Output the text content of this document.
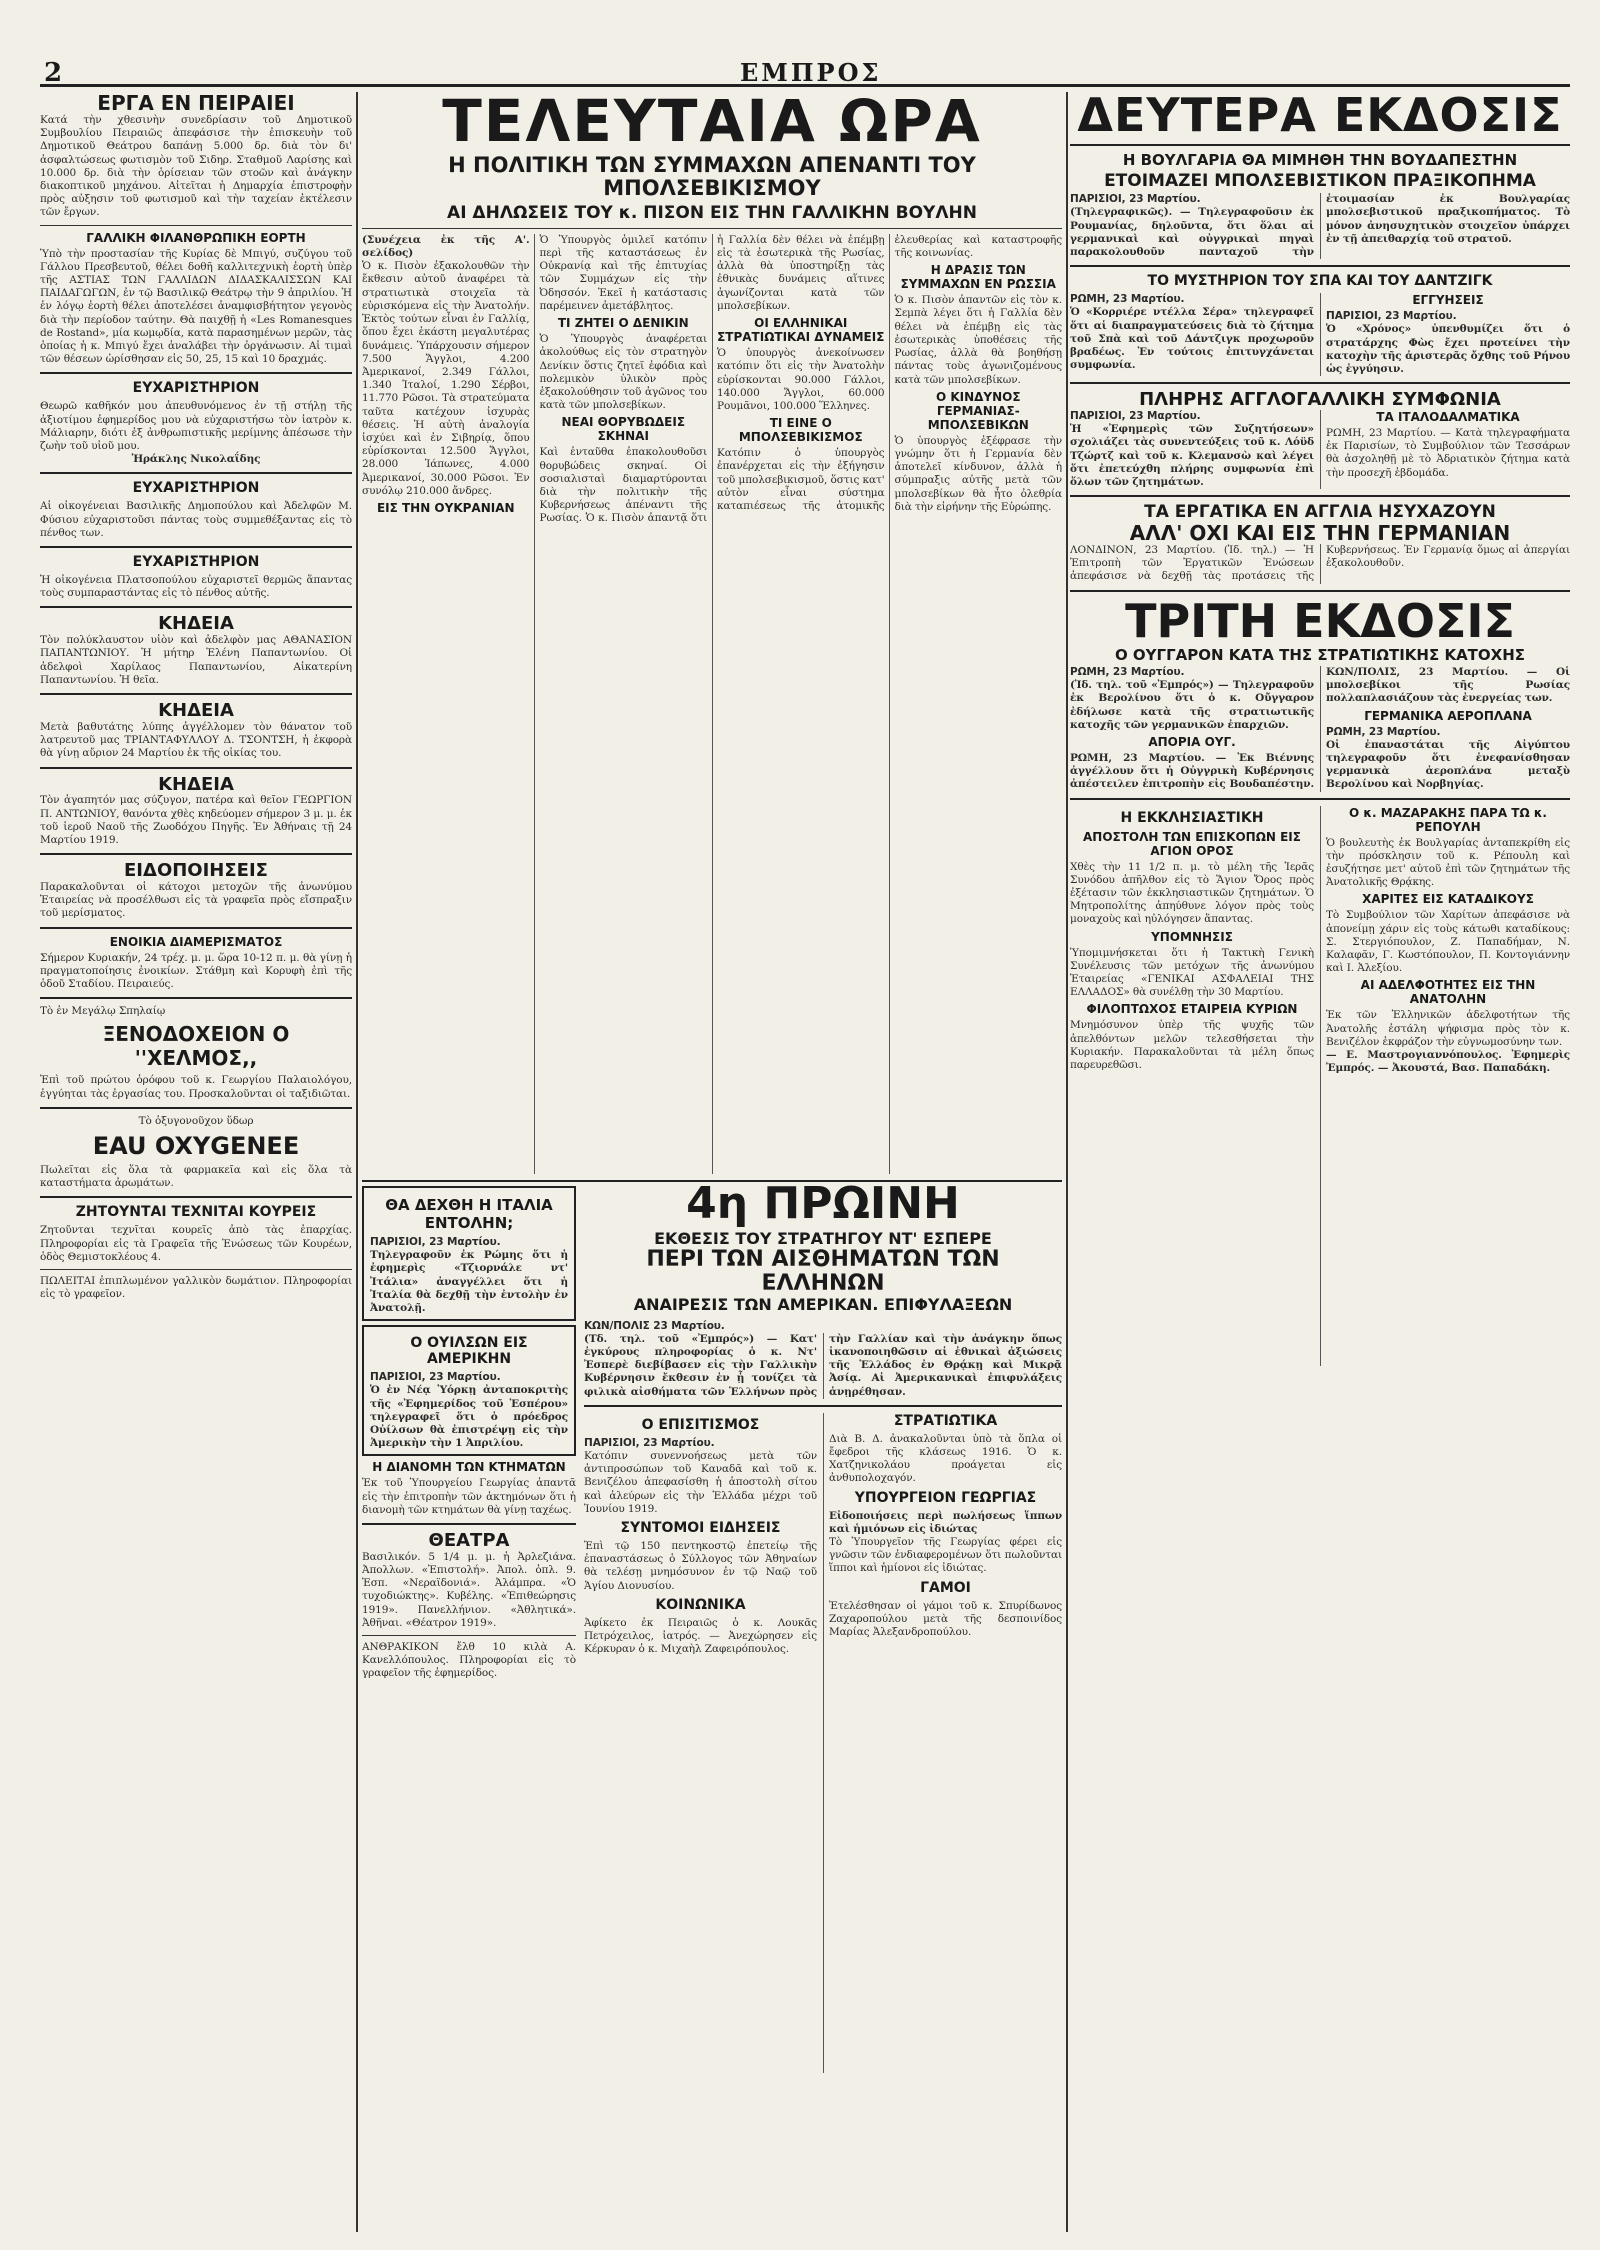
2	ΕΜΠΡΟΣ
ΕΡΓΑ ΕΝ ΠΕΙΡΑΙΕΙ
Κατά τὴν χθεσινὴν συνεδρίασιν τοῦ Δημοτικοῦ Συμβουλίου Πειραιῶς ἀπεφάσισε τὴν ἐπισκευὴν τοῦ Δημοτικοῦ Θεάτρου δαπάνῃ 5.000 δρ. διὰ τὸν δι' ἀσφαλτώσεως φωτισμὸν τοῦ Σιδηρ. Σταθμοῦ Λαρίσης καὶ 10.000 δρ. διὰ τὴν ὁρίσειαν τῶν στοῶν καὶ ἀνάγκην διακοπτικοῦ μηχάνου. Αἰτεῖται ἡ Δημαρχία ἐπιστροφὴν πρὸς αὐξησιν τοῦ φωτισμοῦ καὶ τὴν ταχείαν ἐκτέλεσιν τῶν ἔργων.
ΓΑΛΛΙΚΗ ΦΙΛΑΝΘΡΩΠΙΚΗ ΕΟΡΤΗ
Ὑπὸ τὴν προστασίαν τῆς Κυρίας δὲ Μπιγύ, συζύγου τοῦ Γάλλου Πρεσβευτοῦ, θέλει δοθῆ καλλιτεχνικὴ ἑορτὴ ὑπὲρ τῆς ΑΣΤΙΑΣ ΤΩΝ ΓΑΛΛΙΔΩΝ ΔΙΔΑΣΚΑΛΙΣΣΩΝ ΚΑΙ ΠΑΙΔΑΓΩΓΩΝ, ἐν τῷ Βασιλικῷ Θεάτρῳ τὴν 9 ἀπριλίου. Ἡ ἐν λόγῳ ἑορτὴ θέλει ἀποτελέσει ἀναμφισβήτητον γεγονὸς διὰ τὴν περίοδον ταύτην. Θὰ παιχθῇ ἡ «Les Romanesques de Rostand», μία κωμῳδία, κατὰ παρασημένων μερῶν, τὰς ὁποίας ἡ κ. Μπιγύ ἔχει ἀναλάβει τὴν ὀργάνωσιν. Αἱ τιμαὶ τῶν θέσεων ὡρίσθησαν εἰς 50, 25, 15 καὶ 10 δραχμάς.
ΕΥΧΑΡΙΣΤΗΡΙΟΝ
Θεωρῶ καθῆκόν μου ἀπευθυνόμενος ἐν τῇ στήλῃ τῆς ἀξιοτίμου ἐφημερίδος μου νὰ εὐχαριστήσω τὸν ἰατρὸν κ. Μάλιαρην, διότι ἐξ ἀνθρωπιστικῆς μερίμνης ἀπέσωσε τὴν ζωὴν τοῦ υἱοῦ μου.
Ἠράκλης Νικολαΐδης
ΕΥΧΑΡΙΣΤΗΡΙΟΝ
Αἱ οἰκογένειαι Βασιλικῆς Δημοπούλου καὶ Ἀδελφῶν Μ. Φύσιου εὐχαριστοῦσι πάντας τοὺς συμμεθέξαντας εἰς τὸ πένθος των.
ΕΥΧΑΡΙΣΤΗΡΙΟΝ
Ἡ οἰκογένεια Πλατσοπούλου εὐχαριστεῖ θερμῶς ἅπαντας τοὺς συμπαραστάντας εἰς τὸ πένθος αὐτῆς.
ΚΗΔΕΙΑ
Τὸν πολύκλαυστον υἱὸν καὶ ἀδελφὸν μας ΑΘΑΝΑΣΙΟΝ ΠΑΠΑΝΤΩΝΙΟΥ. Ἡ μήτηρ Ἑλένη Παπαντωνίου. Οἱ ἀδελφοὶ Χαρίλαος Παπαντωνίου, Αἰκατερίνη Παπαντωνίου. Ἡ θεῖα.
ΚΗΔΕΙΑ
Μετὰ βαθυτάτης λύπης ἀγγέλλομεν τὸν θάνατον τοῦ λατρευτοῦ μας ΤΡΙΑΝΤΑΦΥΛΛΟΥ Δ. ΤΣΟΝΤΣΗ, ἡ ἐκφορὰ θὰ γίνῃ αὔριον 24 Μαρτίου ἐκ τῆς οἰκίας του.
ΚΗΔΕΙΑ
Τὸν ἀγαπητόν μας σύζυγον, πατέρα καὶ θεῖον ΓΕΩΡΓΙΟΝ Π. ΑΝΤΩΝΙΟΥ, θανόντα χθὲς κηδεύομεν σήμερον 3 μ. μ. ἐκ τοῦ ἱεροῦ Ναοῦ τῆς Ζωοδόχου Πηγῆς. Ἐν Ἀθήναις τῇ 24 Μαρτίου 1919.
ΕΙΔΟΠΟΙΗΣΕΙΣ
Παρακαλοῦνται οἱ κάτοχοι μετοχῶν τῆς ἀνωνύμου Ἑταιρείας νὰ προσέλθωσι εἰς τὰ γραφεῖα πρὸς εἴσπραξιν τοῦ μερίσματος.
ΕΝΟΙΚΙΑ ΔΙΑΜΕΡΙΣΜΑΤΟΣ
Σήμερον Κυριακήν, 24 τρέχ. μ. μ. ὥρα 10-12 π. μ. θὰ γίνῃ ἡ πραγματοποίησις ἐνοικίων. Στάθμη καὶ Κορυφὴ ἐπὶ τῆς ὁδοῦ Σταδίου. Πειραιεύς.
Τὸ ἐν Μεγάλῳ Σπηλαίῳ
ΞΕΝΟΔΟΧΕΙΟΝ Ο ''ΧΕΛΜΟΣ,,
Ἐπὶ τοῦ πρώτου ὀρόφου τοῦ κ. Γεωργίου Παλαιολόγου, ἐγγύηται τὰς ἐργασίας του. Προσκαλοῦνται οἱ ταξιδιῶται.
Τὸ ὀξυγονοῦχον ὕδωρ
EAU OXYGENEE
Πωλεῖται εἰς ὅλα τὰ φαρμακεῖα καὶ εἰς ὅλα τὰ καταστήματα ἀρωμάτων.
ΖΗΤΟΥΝΤΑΙ ΤΕΧΝΙΤΑΙ ΚΟΥΡΕΙΣ
Ζητοῦνται τεχνῖται κουρεῖς ἀπὸ τὰς ἐπαρχίας. Πληροφορίαι εἰς τὰ Γραφεῖα τῆς Ἑνώσεως τῶν Κουρέων, ὁδὸς Θεμιστοκλέους 4.
ΠΩΛΕΙΤΑΙ ἐπιπλωμένον γαλλικὸν δωμάτιον. Πληροφορίαι εἰς τὸ γραφεῖον.
ΤΕΛΕΥΤΑΙΑ ΩΡΑ
Η ΠΟΛΙΤΙΚΗ ΤΩΝ ΣΥΜΜΑΧΩΝ ΑΠΕΝΑΝΤΙ ΤΟΥ ΜΠΟΛΣΕΒΙΚΙΣΜΟΥ
ΑΙ ΔΗΛΩΣΕΙΣ ΤΟΥ κ. ΠΙΣΟΝ ΕΙΣ ΤΗΝ ΓΑΛΛΙΚΗΝ ΒΟΥΛΗΝ
(Συνέχεια ἐκ τῆς Α'. σελίδος)
Ὁ κ. Πισὸν ἐξακολουθῶν τὴν ἔκθεσιν αὐτοῦ ἀναφέρει τὰ στρατιωτικὰ στοιχεῖα τὰ εὑρισκόμενα εἰς τὴν Ἀνατολήν. Ἐκτὸς τούτων εἶναι ἐν Γαλλίᾳ, ὅπου ἔχει ἑκάστη μεγαλυτέρας δυνάμεις. Ὑπάρχουσιν σήμερον 7.500 Ἄγγλοι, 4.200 Ἀμερικανοί, 2.349 Γάλλοι, 1.340 Ἰταλοί, 1.290 Σέρβοι, 11.770 Ρῶσοι. Τὰ στρατεύματα ταῦτα κατέχουν ἰσχυρὰς θέσεις. Ἡ αὐτὴ ἀναλογία ἰσχύει καὶ ἐν Σιβηρίᾳ, ὅπου εὑρίσκονται 12.500 Ἄγγλοι, 28.000 Ἰάπωνες, 4.000 Ἀμερικανοί, 30.000 Ρῶσοι. Ἐν συνόλῳ 210.000 ἄνδρες.
ΕΙΣ ΤΗΝ ΟΥΚΡΑΝΙΑΝ
Ὁ Ὑπουργὸς ὁμιλεῖ κατόπιν περὶ τῆς καταστάσεως ἐν Οὐκρανίᾳ καὶ τῆς ἐπιτυχίας τῶν Συμμάχων εἰς τὴν Ὀδησσόν. Ἐκεῖ ἡ κατάστασις παρέμεινεν ἀμετάβλητος.
ΤΙ ΖΗΤΕΙ Ο ΔΕΝΙΚΙΝ
Ὁ Ὑπουργὸς ἀναφέρεται ἀκολούθως εἰς τὸν στρατηγὸν Δενίκιν ὅστις ζητεῖ ἐφόδια καὶ πολεμικὸν ὑλικὸν πρὸς ἐξακολούθησιν τοῦ ἀγῶνος του κατὰ τῶν μπολσεβίκων.
ΝΕΑΙ ΘΟΡΥΒΩΔΕΙΣ ΣΚΗΝΑΙ
Καὶ ἐνταῦθα ἐπακολουθοῦσι θορυβώδεις σκηναί. Οἱ σοσιαλισταὶ διαμαρτύρονται διὰ τὴν πολιτικὴν τῆς Κυβερνήσεως ἀπέναντι τῆς Ρωσίας. Ὁ κ. Πισὸν ἀπαντᾷ ὅτι ἡ Γαλλία δὲν θέλει νὰ ἐπέμβῃ εἰς τὰ ἐσωτερικὰ τῆς Ρωσίας, ἀλλὰ θὰ ὑποστηρίξῃ τὰς ἐθνικὰς δυνάμεις αἵτινες ἀγωνίζονται κατὰ τῶν μπολσεβίκων.
ΟΙ ΕΛΛΗΝΙΚΑΙ ΣΤΡΑΤΙΩΤΙΚΑΙ ΔΥΝΑΜΕΙΣ
Ὁ ὑπουργὸς ἀνεκοίνωσεν κατόπιν ὅτι εἰς τὴν Ἀνατολὴν εὑρίσκονται 90.000 Γάλλοι, 140.000 Ἄγγλοι, 60.000 Ρουμᾶνοι, 100.000 Ἕλληνες.
ΤΙ ΕΙΝΕ Ο ΜΠΟΛΣΕΒΙΚΙΣΜΟΣ
Κατόπιν ὁ ὑπουργὸς ἐπανέρχεται εἰς τὴν ἐξήγησιν τοῦ μπολσεβικισμοῦ, ὅστις κατ' αὐτὸν εἶναι σύστημα καταπιέσεως τῆς ἀτομικῆς ἐλευθερίας καὶ καταστροφῆς τῆς κοινωνίας.
Η ΔΡΑΣΙΣ ΤΩΝ ΣΥΜΜΑΧΩΝ ΕΝ ΡΩΣΣΙΑ
Ὁ κ. Πισὸν ἀπαντῶν εἰς τὸν κ. Σεμπὰ λέγει ὅτι ἡ Γαλλία δὲν θέλει νὰ ἐπέμβῃ εἰς τὰς ἐσωτερικὰς ὑποθέσεις τῆς Ρωσίας, ἀλλὰ θὰ βοηθήσῃ πάντας τοὺς ἀγωνιζομένους κατὰ τῶν μπολσεβίκων.
Ο ΚΙΝΔΥΝΟΣ ΓΕΡΜΑΝΙΑΣ-ΜΠΟΛΣΕΒΙΚΩΝ
Ὁ ὑπουργὸς ἐξέφρασε τὴν γνώμην ὅτι ἡ Γερμανία δὲν ἀποτελεῖ κίνδυνον, ἀλλὰ ἡ σύμπραξις αὐτῆς μετὰ τῶν μπολσεβίκων θὰ ἦτο ὀλεθρία διὰ τὴν εἰρήνην τῆς Εὐρώπης.
ΘΑ ΔΕΧΘΗ Η ΙΤΑΛΙΑ ΕΝΤΟΛΗΝ;
ΠΑΡΙΣΙΟΙ, 23 Μαρτίου.
Τηλεγραφοῦν ἐκ Ρώμης ὅτι ἡ ἐφημερὶς «Τζιορνάλε ντ' Ἰτάλια» ἀναγγέλλει ὅτι ἡ Ἰταλία θὰ δεχθῇ τὴν ἐντολὴν ἐν Ἀνατολῇ.
Ο ΟΥΙΛΣΩΝ ΕΙΣ ΑΜΕΡΙΚΗΝ
ΠΑΡΙΣΙΟΙ, 23 Μαρτίου.
Ὁ ἐν Νέᾳ Ὑόρκῃ ἀνταποκριτὴς τῆς «Ἐφημερίδος τοῦ Ἑσπέρου» τηλεγραφεῖ ὅτι ὁ πρόεδρος Οὐίλσων θὰ ἐπιστρέψῃ εἰς τὴν Ἀμερικὴν τὴν 1 Ἀπριλίου.
Η ΔΙΑΝΟΜΗ ΤΩΝ ΚΤΗΜΑΤΩΝ
Ἐκ τοῦ Ὑπουργείου Γεωργίας ἀπαντᾶ εἰς τὴν ἐπιτροπὴν τῶν ἀκτημόνων ὅτι ἡ διανομὴ τῶν κτημάτων θὰ γίνῃ ταχέως.
ΘΕΑΤΡΑ
Βασιλικόν. 5 1/4 μ. μ. ἡ Ἀρλεζιάνα. Ἀπολλων. «Ἐπιστολή». Ἀπολ. ὁπλ. 9. Ἑσπ. «Νεραϊδονιά». Ἀλάμπρα. «Ὁ τυχοδιώκτης». Κυβέλης. «Ἐπιθεώρησις 1919». Πανελλήνιον. «Ἀθλητικά». Ἀθῆναι. «Θέατρον 1919».
ΑΝΘΡΑΚΙΚΟΝ ἔλθ 10 κιλὰ Α. Κανελλόπουλος. Πληροφορίαι εἰς τὸ γραφεῖον τῆς ἐφημερίδος.
4η ΠΡΩΙΝΗ
ΕΚΘΕΣΙΣ ΤΟΥ ΣΤΡΑΤΗΓΟΥ ΝΤ' ΕΣΠΕΡΕ
ΠΕΡΙ ΤΩΝ ΑΙΣΘΗΜΑΤΩΝ ΤΩΝ ΕΛΛΗΝΩΝ
ΑΝΑΙΡΕΣΙΣ ΤΩΝ ΑΜΕΡΙΚΑΝ. ΕΠΙΦΥΛΑΞΕΩΝ
ΚΩΝ/ΠΟΛΙΣ 23 Μαρτίου.
(Τδ. τηλ. τοῦ «Ἐμπρός») — Κατ' ἐγκύρους πληροφορίας ὁ κ. Ντ' Ἐσπερὲ διεβίβασεν εἰς τὴν Γαλλικὴν Κυβέρνησιν ἔκθεσιν ἐν ᾗ τονίζει τὰ φιλικὰ αἰσθήματα τῶν Ἑλλήνων πρὸς τὴν Γαλλίαν καὶ τὴν ἀνάγκην ὅπως ἱκανοποιηθῶσιν αἱ ἐθνικαὶ ἀξιώσεις τῆς Ἑλλάδος ἐν Θρᾴκῃ καὶ Μικρᾷ Ἀσίᾳ. Αἱ Ἀμερικανικαὶ ἐπιφυλάξεις ἀνῃρέθησαν.
Ο ΕΠΙΣΙΤΙΣΜΟΣ
ΠΑΡΙΣΙΟΙ, 23 Μαρτίου.
Κατόπιν συνεννοήσεως μετὰ τῶν ἀντιπροσώπων τοῦ Καναδᾶ καὶ τοῦ κ. Βενιζέλου ἀπεφασίσθη ἡ ἀποστολὴ σίτου καὶ ἀλεύρων εἰς τὴν Ἑλλάδα μέχρι τοῦ Ἰουνίου 1919.
ΣΥΝΤΟΜΟΙ ΕΙΔΗΣΕΙΣ
Ἐπὶ τῷ 150 πεντηκοστῷ ἐπετείῳ τῆς ἐπαναστάσεως ὁ Σύλλογος τῶν Ἀθηναίων θὰ τελέσῃ μνημόσυνον ἐν τῷ Ναῷ τοῦ Ἁγίου Διονυσίου.
ΚΟΙΝΩΝΙΚΑ
Ἀφίκετο ἐκ Πειραιῶς ὁ κ. Λουκᾶς Πετρόχειλος, ἰατρός. — Ἀνεχώρησεν εἰς Κέρκυραν ὁ κ. Μιχαὴλ Ζαφειρόπουλος.
ΣΤΡΑΤΙΩΤΙΚΑ
Διὰ Β. Δ. ἀνακαλοῦνται ὑπὸ τὰ ὅπλα οἱ ἔφεδροι τῆς κλάσεως 1916. Ὁ κ. Χατζηνικολάου προάγεται εἰς ἀνθυπολοχαγόν.
ΥΠΟΥΡΓΕΙΟΝ ΓΕΩΡΓΙΑΣ
Εἰδοποιήσεις περὶ πωλήσεως ἵππων καὶ ἡμιόνων εἰς ἰδιώτας
Τὸ Ὑπουργεῖον τῆς Γεωργίας φέρει εἰς γνῶσιν τῶν ἐνδιαφερομένων ὅτι πωλοῦνται ἵπποι καὶ ἡμίονοι εἰς ἰδιώτας.
ΓΑΜΟΙ
Ἐτελέσθησαν οἱ γάμοι τοῦ κ. Σπυρίδωνος Ζαχαροπούλου μετὰ τῆς δεσποινίδος Μαρίας Ἀλεξανδροπούλου.
ΔΕΥΤΕΡΑ ΕΚΔΟΣΙΣ
Η ΒΟΥΛΓΑΡΙΑ ΘΑ ΜΙΜΗΘΗ ΤΗΝ ΒΟΥΔΑΠΕΣΤΗΝ
ΕΤΟΙΜΑΖΕΙ ΜΠΟΛΣΕΒΙΣΤΙΚΟΝ ΠΡΑΞΙΚΟΠΗΜΑ
ΠΑΡΙΣΙΟΙ, 23 Μαρτίου.
(Τηλεγραφικῶς). — Τηλεγραφοῦσιν ἐκ Ρουμανίας, δηλοῦντα, ὅτι ὅλαι αἱ γερμανικαὶ καὶ οὐγγρικαὶ πηγαὶ παρακολουθοῦν πανταχοῦ τὴν ἑτοιμασίαν ἐκ Βουλγαρίας μπολσεβιστικοῦ πραξικοπήματος. Τὸ μόνον ἀνησυχητικὸν στοιχεῖον ὑπάρχει ἐν τῇ ἀπειθαρχίᾳ τοῦ στρατοῦ.
ΤΟ ΜΥΣΤΗΡΙΟΝ ΤΟΥ ΣΠΑ ΚΑΙ ΤΟΥ ΔΑΝΤΖΙΓΚ
ΡΩΜΗ, 23 Μαρτίου.
Ὁ «Κορριέρε ντέλλα Σέρα» τηλεγραφεῖ ὅτι αἱ διαπραγματεύσεις διὰ τὸ ζήτημα τοῦ Σπὰ καὶ τοῦ Δάντζιγκ προχωροῦν βραδέως. Ἐν τούτοις ἐπιτυγχάνεται συμφωνία.
ΕΓΓΥΗΣΕΙΣ
ΠΑΡΙΣΙΟΙ, 23 Μαρτίου.
Ὁ «Χρόνος» ὑπενθυμίζει ὅτι ὁ στρατάρχης Φὼς ἔχει προτείνει τὴν κατοχὴν τῆς ἀριστερᾶς ὄχθης τοῦ Ρήνου ὡς ἐγγύησιν.
ΠΛΗΡΗΣ ΑΓΓΛΟΓΑΛΛΙΚΗ ΣΥΜΦΩΝΙΑ
ΠΑΡΙΣΙΟΙ, 23 Μαρτίου.
Ἡ «Ἐφημερὶς τῶν Συζητήσεων» σχολιάζει τὰς συνεντεύξεις τοῦ κ. Λόϋδ Τζώρτζ καὶ τοῦ κ. Κλεμανσὼ καὶ λέγει ὅτι ἐπετεύχθη πλήρης συμφωνία ἐπὶ ὅλων τῶν ζητημάτων.
ΤΑ ΙΤΑΛΟΔΑΛΜΑΤΙΚΑ
ΡΩΜΗ, 23 Μαρτίου. — Κατὰ τηλεγραφήματα ἐκ Παρισίων, τὸ Συμβούλιον τῶν Τεσσάρων θὰ ἀσχοληθῇ μὲ τὸ Ἀδριατικὸν ζήτημα κατὰ τὴν προσεχῆ ἑβδομάδα.
ΤΑ ΕΡΓΑΤΙΚΑ ΕΝ ΑΓΓΛΙΑ ΗΣΥΧΑΖΟΥΝ
ΑΛΛ' ΟΧΙ ΚΑΙ ΕΙΣ ΤΗΝ ΓΕΡΜΑΝΙΑΝ
ΛΟΝΔΙΝΟΝ, 23 Μαρτίου. (Ἰδ. τηλ.) — Ἡ Ἐπιτροπὴ τῶν Ἐργατικῶν Ἑνώσεων ἀπεφάσισε νὰ δεχθῇ τὰς προτάσεις τῆς Κυβερνήσεως. Ἐν Γερμανίᾳ ὅμως αἱ ἀπεργίαι ἐξακολουθοῦν.
ΤΡΙΤΗ ΕΚΔΟΣΙΣ
Ο ΟΥΓΓΑΡΟΝ ΚΑΤΑ ΤΗΣ ΣΤΡΑΤΙΩΤΙΚΗΣ ΚΑΤΟΧΗΣ
ΡΩΜΗ, 23 Μαρτίου.
(Ἰδ. τηλ. τοῦ «Ἐμπρός») — Τηλεγραφοῦν ἐκ Βερολίνου ὅτι ὁ κ. Οὔγγαρον ἐδήλωσε κατὰ τῆς στρατιωτικῆς κατοχῆς τῶν γερμανικῶν ἐπαρχιῶν.
ΑΠΟΡΙΑ ΟΥΓ.
ΡΩΜΗ, 23 Μαρτίου. — Ἐκ Βιέννης ἀγγέλλουν ὅτι ἡ Οὐγγρικὴ Κυβέρνησις ἀπέστειλεν ἐπιτροπὴν εἰς Βουδαπέστην. ΚΩΝ/ΠΟΛΙΣ, 23 Μαρτίου. — Οἱ μπολσεβίκοι τῆς Ρωσίας πολλαπλασιάζουν τὰς ἐνεργείας των.
ΓΕΡΜΑΝΙΚΑ ΑΕΡΟΠΛΑΝΑ
ΡΩΜΗ, 23 Μαρτίου.
Οἱ ἐπαναστάται τῆς Αἰγύπτου τηλεγραφοῦν ὅτι ἐνεφανίσθησαν γερμανικὰ ἀεροπλάνα μεταξὺ Βερολίνου καὶ Νορβηγίας.
Η ΕΚΚΛΗΣΙΑΣΤΙΚΗ
ΑΠΟΣΤΟΛΗ ΤΩΝ ΕΠΙΣΚΟΠΩΝ ΕΙΣ ΑΓΙΟΝ ΟΡΟΣ
Χθὲς τὴν 11 1/2 π. μ. τὸ μέλη τῆς Ἱερᾶς Συνόδου ἀπῆλθον εἰς τὸ Ἅγιον Ὄρος πρὸς ἐξέτασιν τῶν ἐκκλησιαστικῶν ζητημάτων. Ὁ Μητροπολίτης ἀπηύθυνε λόγον πρὸς τοὺς μοναχοὺς καὶ ηὐλόγησεν ἅπαντας.
ΥΠΟΜΝΗΣΙΣ
Ὑπομιμνήσκεται ὅτι ἡ Τακτικὴ Γενικὴ Συνέλευσις τῶν μετόχων τῆς ἀνωνύμου Ἑταιρείας «ΓΕΝΙΚΑΙ ΑΣΦΑΛΕΙΑΙ ΤΗΣ ΕΛΛΑΔΟΣ» θὰ συνέλθῃ τὴν 30 Μαρτίου.
ΦΙΛΟΠΤΩΧΟΣ ΕΤΑΙΡΕΙΑ ΚΥΡΙΩΝ
Μνημόσυνον ὑπὲρ τῆς ψυχῆς τῶν ἀπελθόντων μελῶν τελεσθήσεται τὴν Κυριακήν. Παρακαλοῦνται τὰ μέλη ὅπως παρευρεθῶσι.
Ο κ. ΜΑΖΑΡΑΚΗΣ ΠΑΡΑ ΤΩ κ. ΡΕΠΟΥΛΗ
Ὁ βουλευτὴς ἐκ Βουλγαρίας ἀνταπεκρίθη εἰς τὴν πρόσκλησιν τοῦ κ. Ρέπουλη καὶ ἐσυζήτησε μετ' αὐτοῦ ἐπὶ τῶν ζητημάτων τῆς Ἀνατολικῆς Θρᾴκης.
ΧΑΡΙΤΕΣ ΕΙΣ ΚΑΤΑΔΙΚΟΥΣ
Τὸ Συμβούλιον τῶν Χαρίτων ἀπεφάσισε νὰ ἀπονείμῃ χάριν εἰς τοὺς κάτωθι καταδίκους: Σ. Στεργιόπουλον, Ζ. Παπαδήμαν, Ν. Καλαφᾶν, Γ. Κωστόπουλον, Π. Κοντογιάννην καὶ Ι. Ἀλεξίου.
ΑΙ ΑΔΕΛΦΟΤΗΤΕΣ ΕΙΣ ΤΗΝ ΑΝΑΤΟΛΗΝ
Ἐκ τῶν Ἑλληνικῶν ἀδελφοτήτων τῆς Ἀνατολῆς ἐστάλη ψήφισμα πρὸς τὸν κ. Βενιζέλον ἐκφράζον τὴν εὐγνωμοσύνην των.
— Ε. Μαστρογιαννόπουλος. Ἐφημερὶς Ἐμπρός. — Ἀκουστά, Βασ. Παπαδάκη.
